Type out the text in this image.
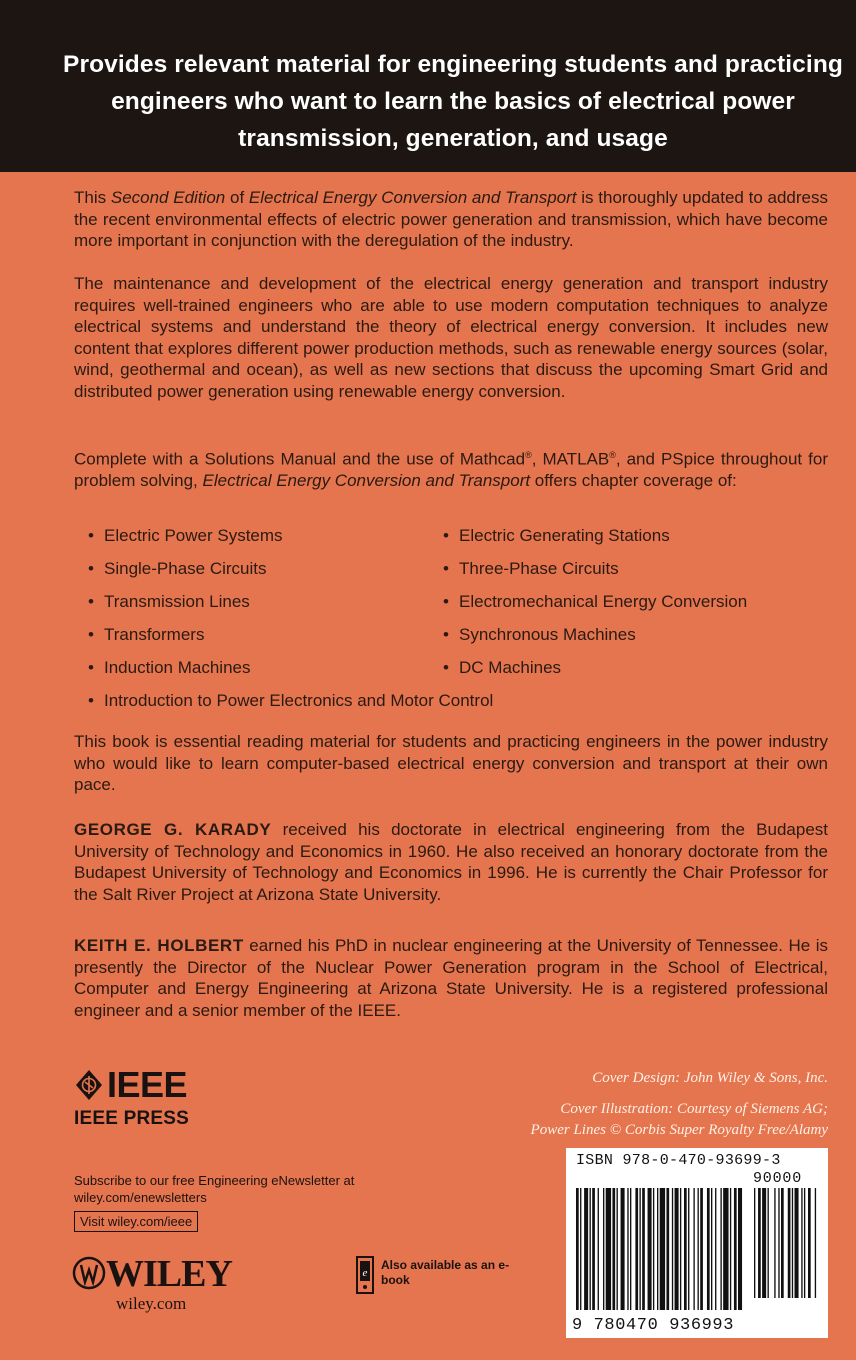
Provides relevant material for engineering students and practicing engineers who want to learn the basics of electrical power transmission, generation, and usage
This Second Edition of Electrical Energy Conversion and Transport is thoroughly updated to address the recent environmental effects of electric power generation and transmission, which have become more important in conjunction with the deregulation of the industry.
The maintenance and development of the electrical energy generation and transport industry requires well-trained engineers who are able to use modern computation techniques to analyze electrical systems and understand the theory of electrical energy conversion. It includes new content that explores different power production methods, such as renewable energy sources (solar, wind, geothermal and ocean), as well as new sections that discuss the upcoming Smart Grid and distributed power generation using renewable energy conversion.
Complete with a Solutions Manual and the use of Mathcad®, MATLAB®, and PSpice throughout for problem solving, Electrical Energy Conversion and Transport offers chapter coverage of:
• Electric Power Systems	• Electric Generating Stations
• Single-Phase Circuits	• Three-Phase Circuits
• Transmission Lines	• Electromechanical Energy Conversion
• Transformers	• Synchronous Machines
• Induction Machines	• DC Machines
• Introduction to Power Electronics and Motor Control
This book is essential reading material for students and practicing engineers in the power industry who would like to learn computer-based electrical energy conversion and transport at their own pace.
GEORGE G. KARADY received his doctorate in electrical engineering from the Budapest University of Technology and Economics in 1960. He also received an honorary doctorate from the Budapest University of Technology and Economics in 1996. He is currently the Chair Professor for the Salt River Project at Arizona State University.
KEITH E. HOLBERT earned his PhD in nuclear engineering at the University of Tennessee. He is presently the Director of the Nuclear Power Generation program in the School of Electrical, Computer and Energy Engineering at Arizona State University. He is a registered professional engineer and a senior member of the IEEE.
IEEE
IEEE PRESS
Cover Design: John Wiley & Sons, Inc.
Cover Illustration: Courtesy of Siemens AG;
Power Lines © Corbis Super Royalty Free/Alamy
Subscribe to our free Engineering eNewsletter at wiley.com/enewsletters
Visit wiley.com/ieee
WILEY
wiley.com
e
Also available as an e-book
ISBN 978-0-470-93699-3
90000
9 780470 936993
